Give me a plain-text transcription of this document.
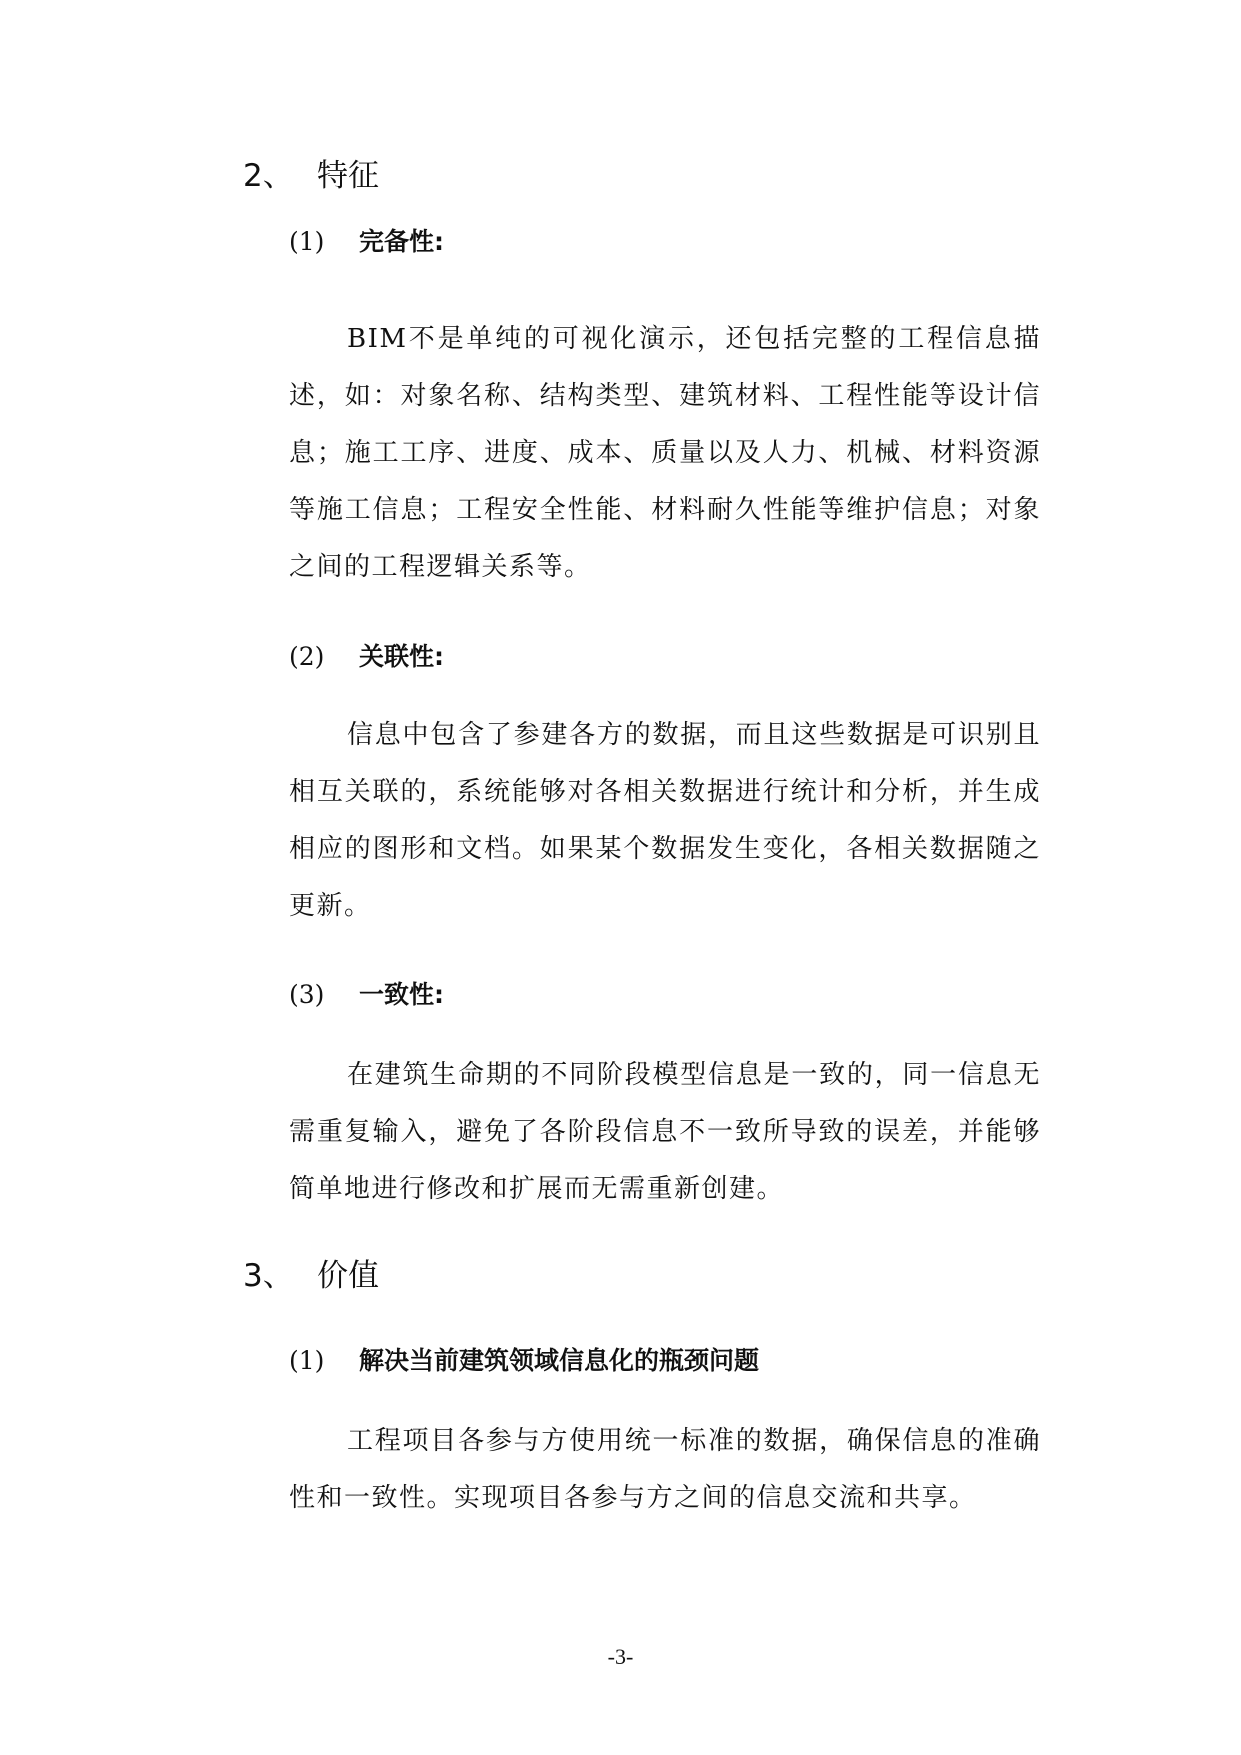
2、 特征
(1) 完备性:
BIM不是单纯的可视化演示，还包括完整的工程信息描述，如：对象名称、结构类型、建筑材料、工程性能等设计信息；施工工序、进度、成本、质量以及人力、机械、材料资源等施工信息；工程安全性能、材料耐久性能等维护信息；对象之间的工程逻辑关系等。
(2) 关联性:
信息中包含了参建各方的数据，而且这些数据是可识别且相互关联的，系统能够对各相关数据进行统计和分析，并生成相应的图形和文档。如果某个数据发生变化，各相关数据随之更新。
(3) 一致性:
在建筑生命期的不同阶段模型信息是一致的，同一信息无需重复输入，避免了各阶段信息不一致所导致的误差，并能够简单地进行修改和扩展而无需重新创建。
3、 价值
(1) 解决当前建筑领域信息化的瓶颈问题
工程项目各参与方使用统一标准的数据，确保信息的准确性和一致性。实现项目各参与方之间的信息交流和共享。
-3-
